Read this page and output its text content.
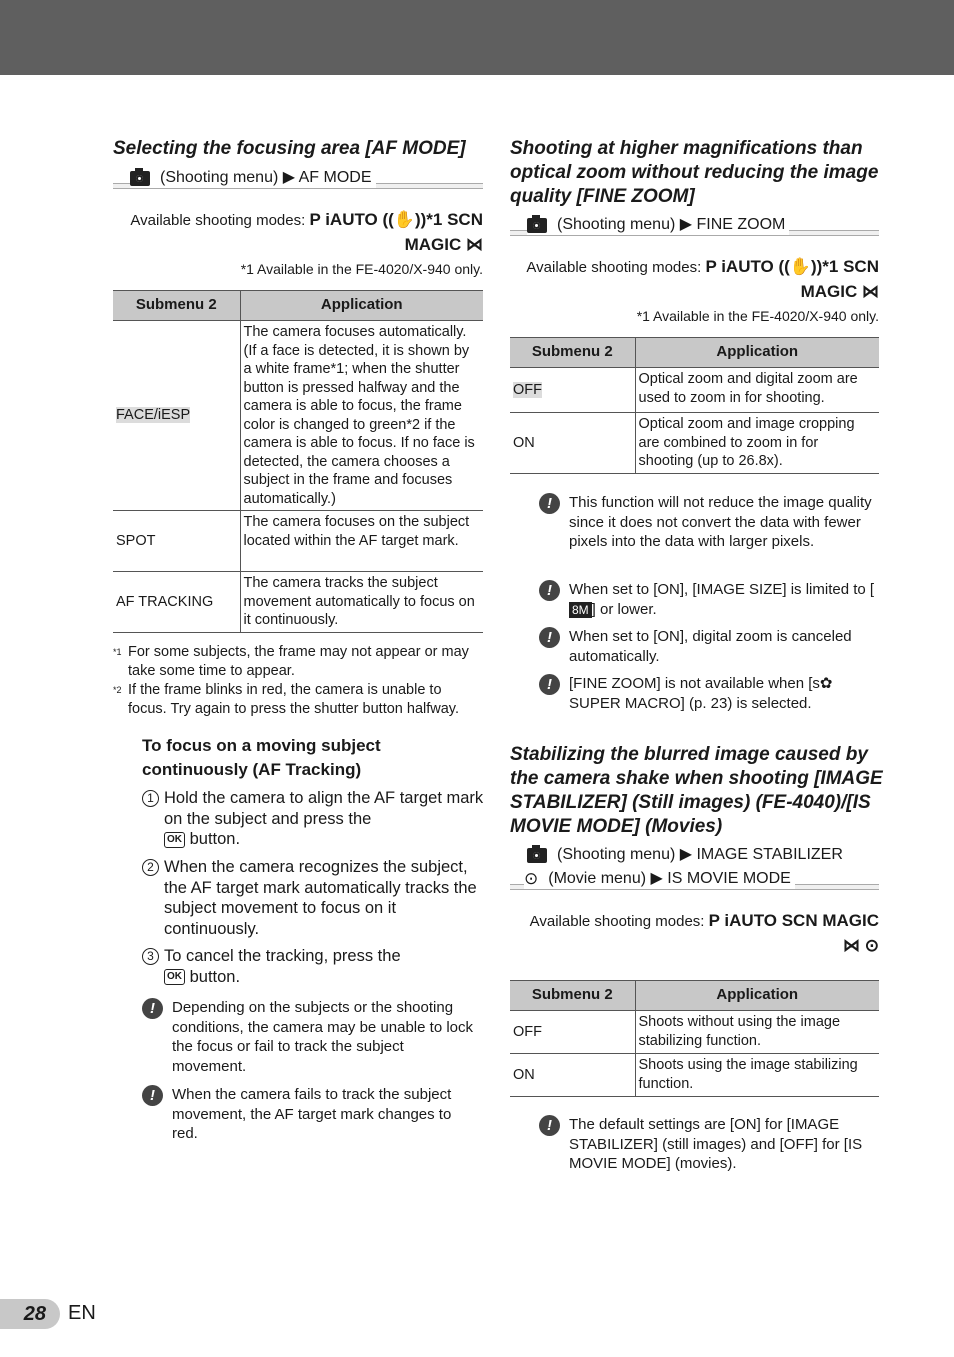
Selecting the focusing area [AF MODE]
(Shooting menu) ▶ AF MODE
Available shooting modes: P iAUTO ((✋))*1 SCN
MAGIC ⋈
*1 Available in the FE-4020/X-940 only.
Submenu 2	Application
FACE/iESP	The camera focuses automatically. (If a face is detected, it is shown by a white frame*1; when the shutter button is pressed halfway and the camera is able to focus, the frame color is changed to green*2 if the camera is able to focus. If no face is detected, the camera chooses a subject in the frame and focuses automatically.)
SPOT	The camera focuses on the subject located within the AF target mark.
AF TRACKING	The camera tracks the subject movement automatically to focus on it continuously.
*1 For some subjects, the frame may not appear or may take some time to appear.
*2 If the frame blinks in red, the camera is unable to focus. Try again to press the shutter button halfway.
To focus on a moving subject continuously (AF Tracking)
1 Hold the camera to align the AF target mark on the subject and press the
OK button.
2 When the camera recognizes the subject, the AF target mark automatically tracks the subject movement to focus on it continuously.
3 To cancel the tracking, press the
OK button.
!	Depending on the subjects or the shooting conditions, the camera may be unable to lock the focus or fail to track the subject movement.
!	When the camera fails to track the subject movement, the AF target mark changes to red.
Shooting at higher magnifications than optical zoom without reducing the image quality [FINE ZOOM]
(Shooting menu) ▶ FINE ZOOM
Available shooting modes: P iAUTO ((✋))*1 SCN
MAGIC ⋈
*1 Available in the FE-4020/X-940 only.
Submenu 2	Application
OFF	Optical zoom and digital zoom are used to zoom in for shooting.
ON	Optical zoom and image cropping are combined to zoom in for shooting (up to 26.8x).
!	This function will not reduce the image quality since it does not convert the data with fewer pixels into the data with larger pixels.
!	When set to [ON], [IMAGE SIZE] is limited to [8M ] or lower.
!	When set to [ON], digital zoom is canceled automatically.
!	[FINE ZOOM] is not available when [s✿ SUPER MACRO] (p. 23) is selected.
Stabilizing the blurred image caused by the camera shake when shooting [IMAGE STABILIZER] (Still images) (FE-4040)/[IS MOVIE MODE] (Movies)
(Shooting menu) ▶ IMAGE STABILIZER
⊙ (Movie menu) ▶ IS MOVIE MODE
Available shooting modes: P iAUTO SCN MAGIC
⋈ ⊙
Submenu 2	Application
OFF	Shoots without using the image stabilizing function.
ON	Shoots using the image stabilizing function.
!	The default settings are [ON] for [IMAGE STABILIZER] (still images) and [OFF] for [IS MOVIE MODE] (movies).
28	EN
